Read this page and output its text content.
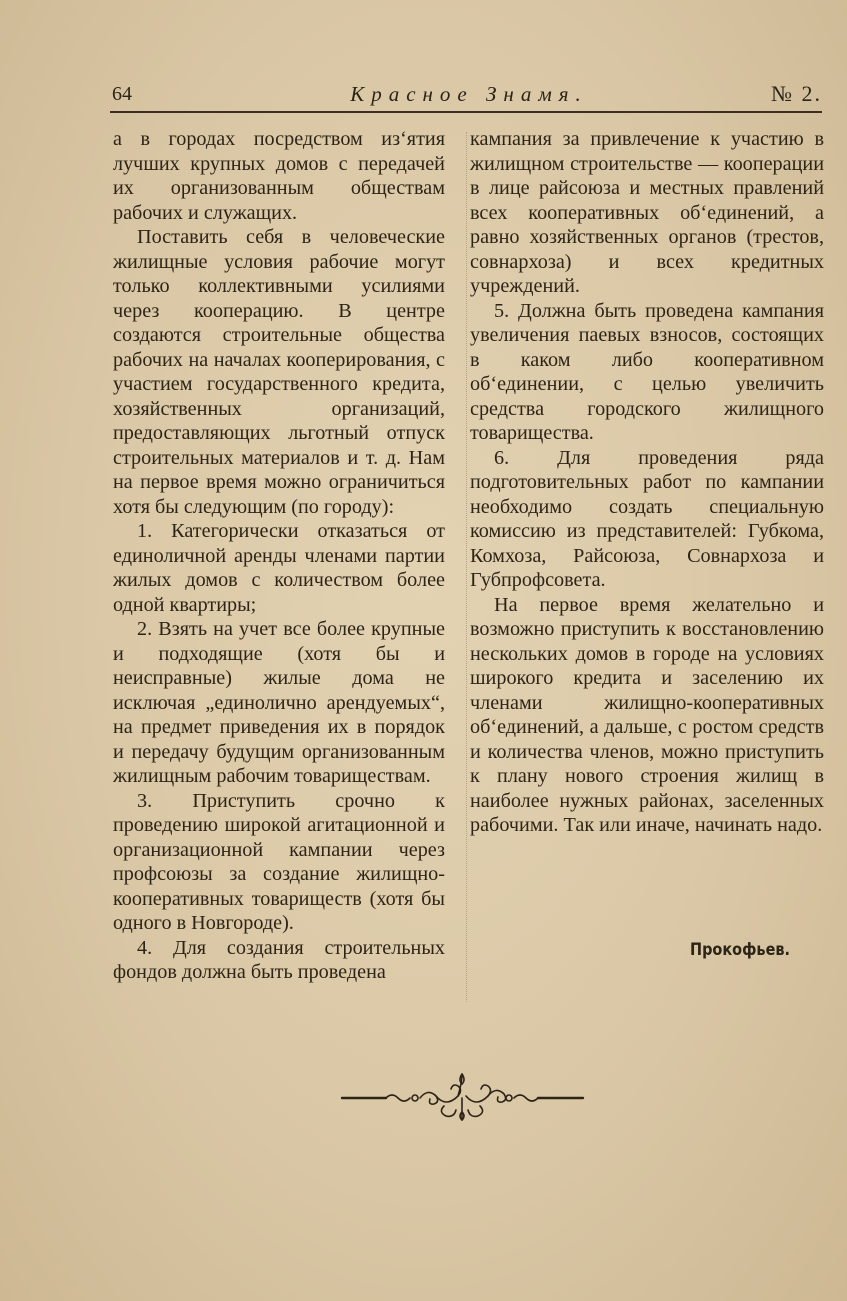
64	Красное Знамя.	№ 2.

а в городах посредством из‘ятия лучших крупных домов с передачей их организованным обществам рабочих и служащих.

Поставить себя в человеческие жилищные условия рабочие могут только коллективными усилиями через кооперацию. В центре создаются строительные общества рабочих на началах кооперирования, с участием государственного кредита, хозяйственных организаций, предоставляющих льготный отпуск строительных материалов и т. д. Нам на первое время можно ограничиться хотя бы следующим (по городу):

1. Категорически отказаться от единоличной аренды членами партии жилых домов с количеством более одной квартиры;

2. Взять на учет все более крупные и подходящие (хотя бы и неисправные) жилые дома не исключая „единолично арендуемых“, на предмет приведения их в порядок и передачу будущим организованным жилищным рабочим товариществам.

3. Приступить срочно к проведению широкой агитационной и организационной кампании через профсоюзы за создание жилищно-кооперативных товариществ (хотя бы одного в Новгороде).

4. Для создания строительных фондов должна быть проведена

кампания за привлечение к участию в жилищном строительстве — кооперации в лице райсоюза и местных правлений всех кооперативных об‘единений, а равно хозяйственных органов (трестов, совнархоза) и всех кредитных учреждений.

5. Должна быть проведена кампания увеличения паевых взносов, состоящих в каком либо кооперативном об‘единении, с целью увеличить средства городского жилищного товарищества.

6. Для проведения ряда подготовительных работ по кампании необходимо создать специальную комиссию из представителей: Губкома, Комхоза, Райсоюза, Совнархоза и Губпрофсовета.

На первое время желательно и возможно приступить к восстановлению нескольких домов в городе на условиях широкого кредита и заселению их членами жилищно-кооперативных об‘единений, а дальше, с ростом средств и количества членов, можно приступить к плану нового строения жилищ в наиболее нужных районах, заселенных рабочими. Так или иначе, начинать надо.

Прокофьев.
